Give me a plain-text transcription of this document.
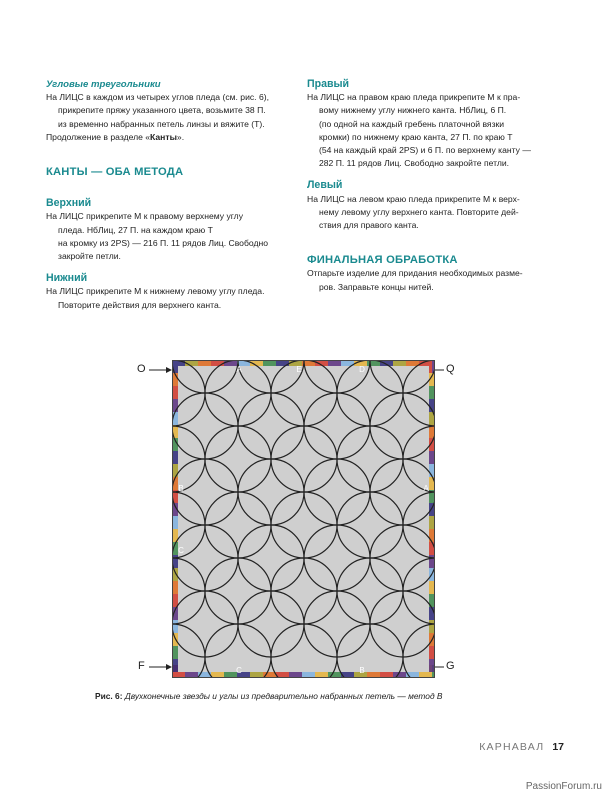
Угловые треугольники

На ЛИЦС в каждом из четырех углов пледа (см. рис. 6),

прикрепите пряжу указанного цвета, возьмите 38 П.

из временно набранных петель линзы и вяжите (Т).

Продолжение в разделе «Канты».

КАНТЫ — ОБА МЕТОДА

Верхний

На ЛИЦС прикрепите М к правому верхнему углу

пледа. НбЛиц, 27 П. на каждом краю Т

на кромку из 2PS) — 216 П. 11 рядов Лиц. Свободно

закройте петли.

Нижний

На ЛИЦС прикрепите М к нижнему левому углу пледа.

Повторите действия для верхнего канта.

Правый

На ЛИЦС на правом краю пледа прикрепите М к пра-

вому нижнему углу нижнего канта. НбЛиц, 6 П.

(по одной на каждый гребень платочной вязки

кромки) по нижнему краю канта, 27 П. по краю Т

(54 на каждый край 2PS) и 6 П. по верхнему канту —

282 П. 11 рядов Лиц. Свободно закройте петли.

Левый

На ЛИЦС на левом краю пледа прикрепите М к верх-

нему левому углу верхнего канта. Повторите дей-

ствия для правого канта.

ФИНАЛЬНАЯ ОБРАБОТКА

Отпарьте изделие для придания необходимых разме-

ров. Заправьте концы нитей.

O	Q
F	G
A	E	D
B
C
A
B
C
Рис. 6: Двухконечные звезды и углы из предварительно набранных петель — метод В
КАРНАВАЛ 17
PassionForum.ru
